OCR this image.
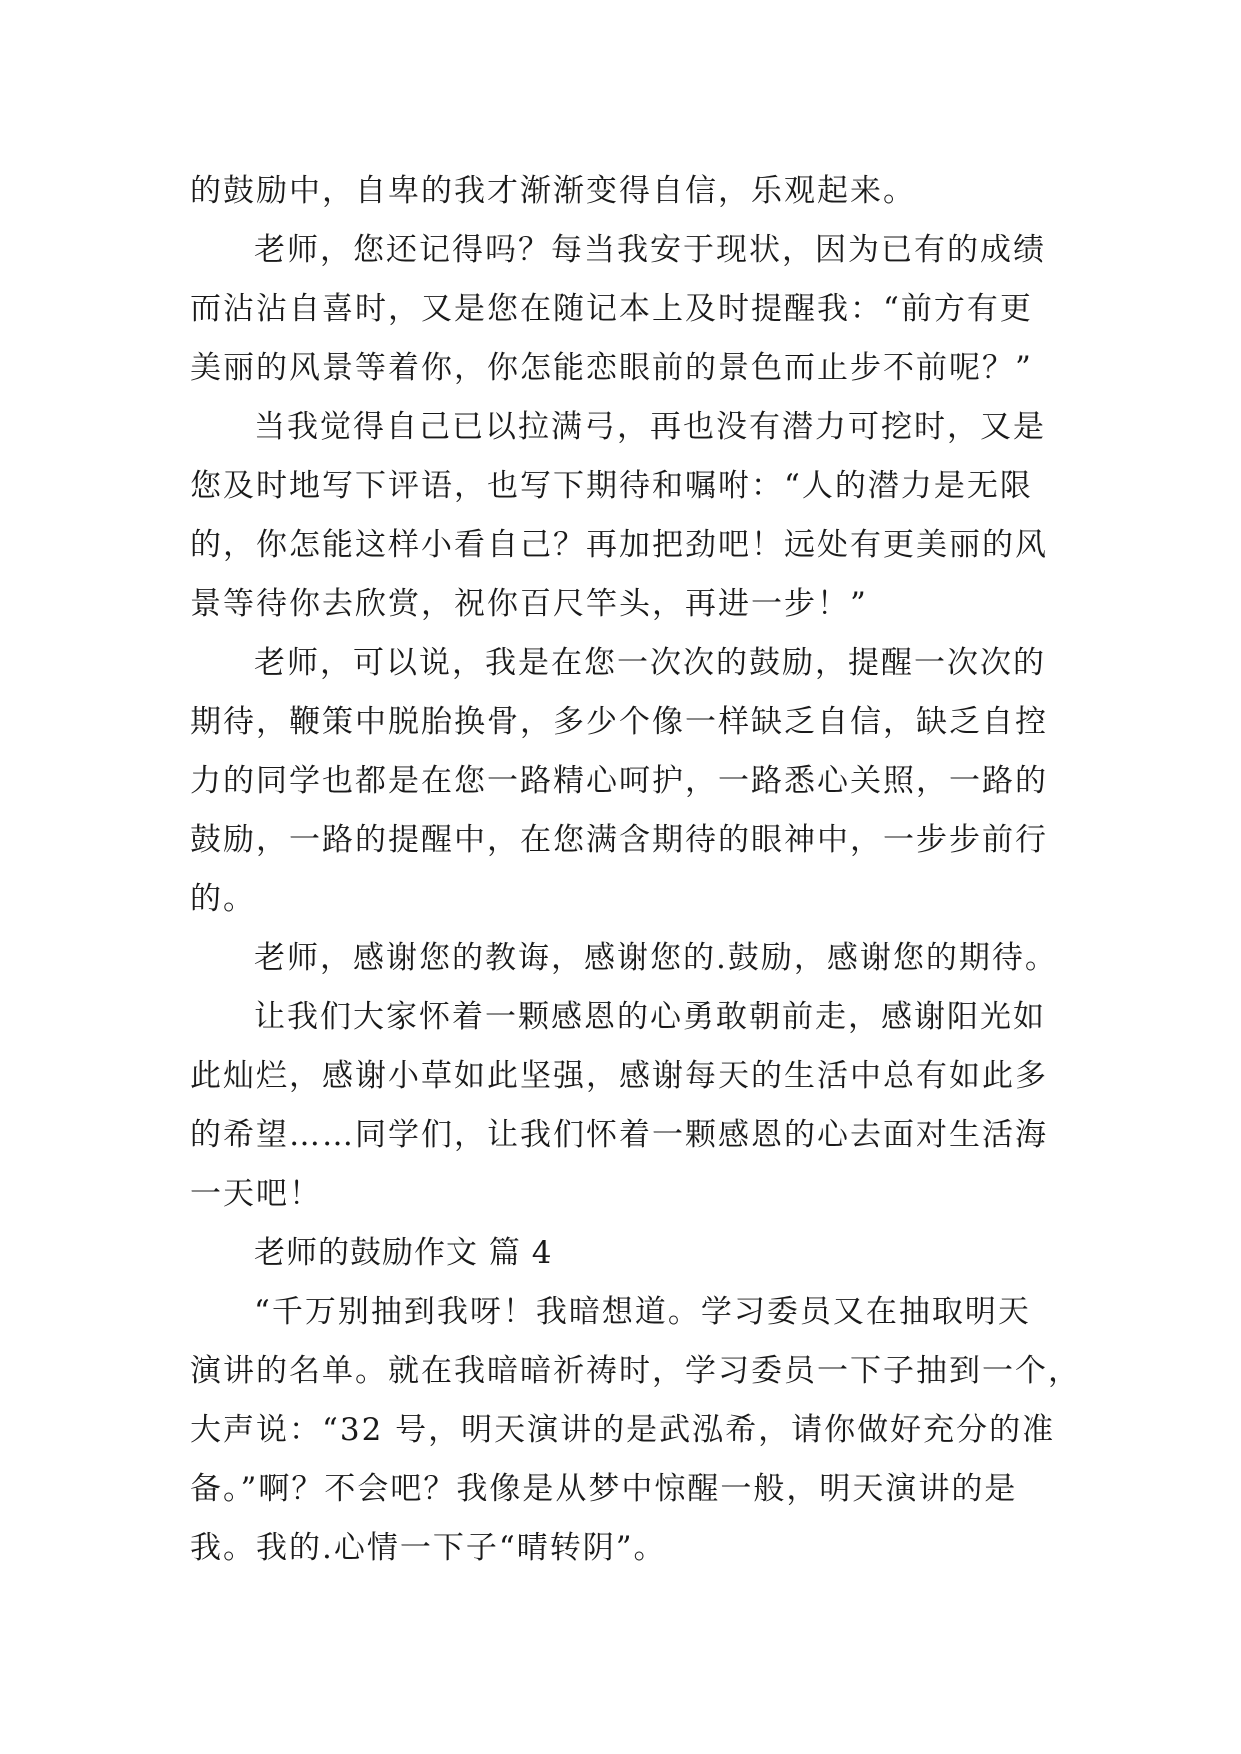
的鼓励中，自卑的我才渐渐变得自信，乐观起来。
老师，您还记得吗？每当我安于现状，因为已有的成绩
而沾沾自喜时，又是您在随记本上及时提醒我：“前方有更
美丽的风景等着你，你怎能恋眼前的景色而止步不前呢？”
当我觉得自己已以拉满弓，再也没有潜力可挖时，又是
您及时地写下评语，也写下期待和嘱咐：“人的潜力是无限
的，你怎能这样小看自己？再加把劲吧！远处有更美丽的风
景等待你去欣赏，祝你百尺竿头，再进一步！”
老师，可以说，我是在您一次次的鼓励，提醒一次次的
期待，鞭策中脱胎换骨，多少个像一样缺乏自信，缺乏自控
力的同学也都是在您一路精心呵护，一路悉心关照，一路的
鼓励，一路的提醒中，在您满含期待的眼神中，一步步前行
的。
老师，感谢您的教诲，感谢您的.鼓励，感谢您的期待。
让我们大家怀着一颗感恩的心勇敢朝前走，感谢阳光如
此灿烂，感谢小草如此坚强，感谢每天的生活中总有如此多
的希望……同学们，让我们怀着一颗感恩的心去面对生活海
一天吧！
老师的鼓励作文 篇 4
“千万别抽到我呀！我暗想道。学习委员又在抽取明天
演讲的名单。就在我暗暗祈祷时，学习委员一下子抽到一个，
大声说：“32 号，明天演讲的是武泓希，请你做好充分的准
备。”啊？不会吧？我像是从梦中惊醒一般，明天演讲的是
我。我的.心情一下子“晴转阴”。
